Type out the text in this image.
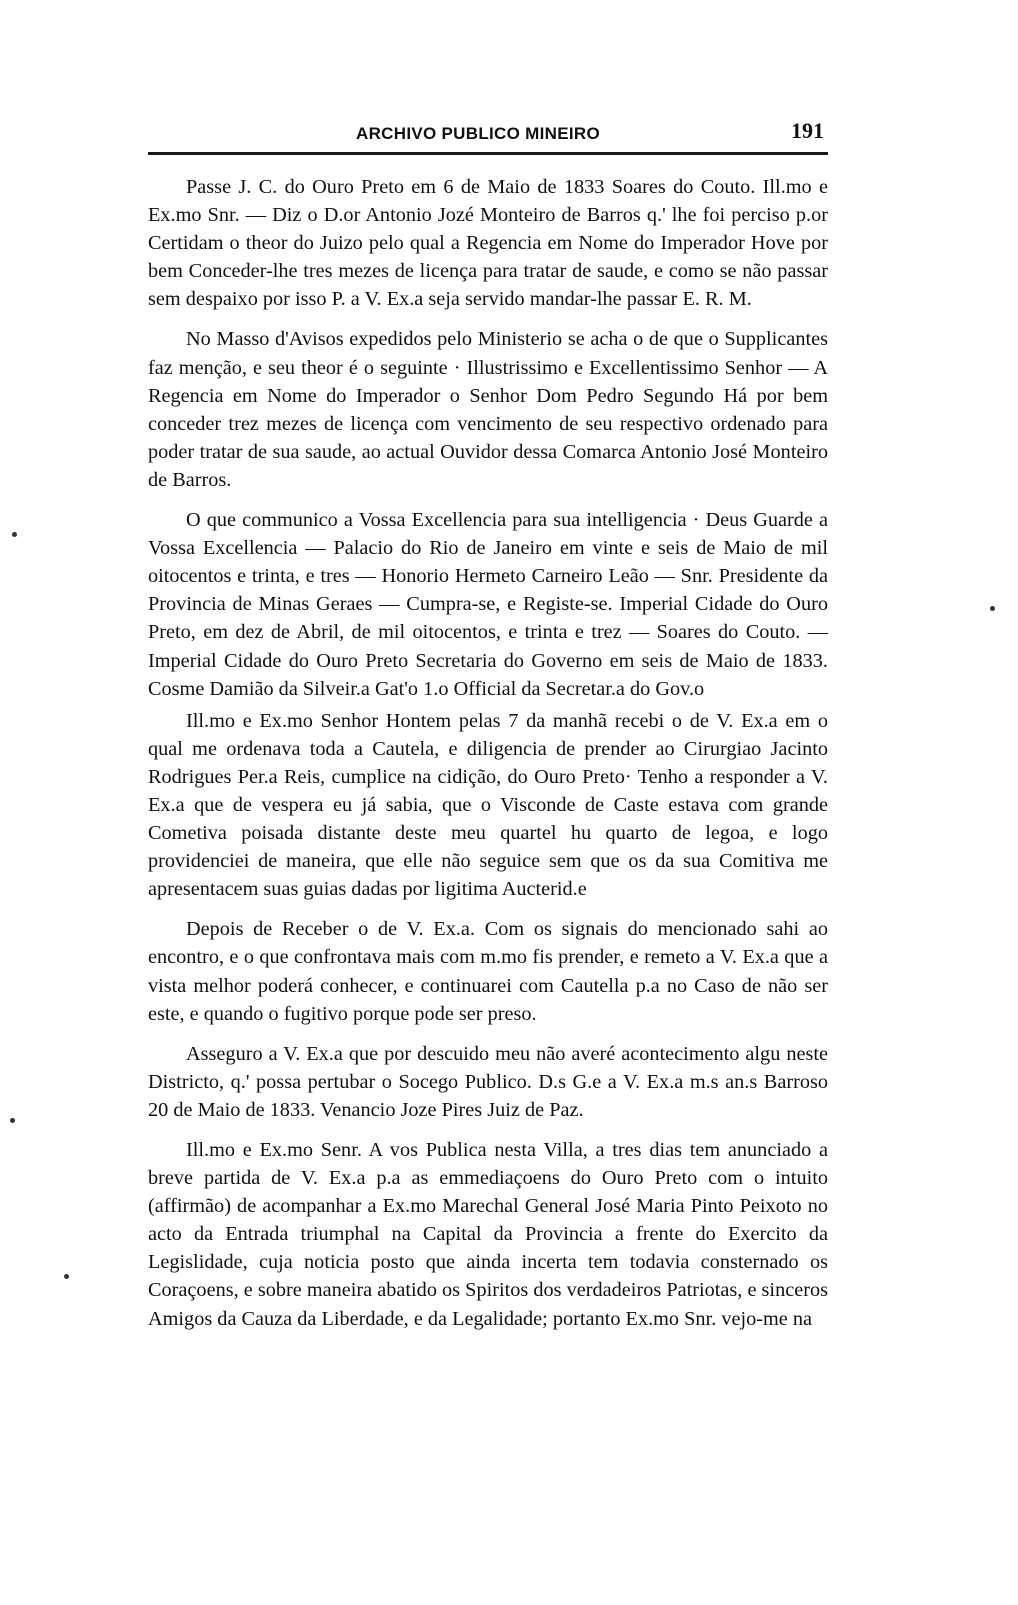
ARCHIVO PUBLICO MINEIRO	191

Passe J. C. do Ouro Preto em 6 de Maio de 1833 Soares do Couto. Ill.mo e Ex.mo Snr. — Diz o D.or Antonio Jozé Monteiro de Barros q.' lhe foi perciso p.or Certidam o theor do Juizo pelo qual a Regencia em Nome do Imperador Hove por bem Conceder-lhe tres mezes de licença para tratar de saude, e como se não passar sem despaixo por isso P. a V. Ex.a seja servido mandar-lhe passar E. R. M.

No Masso d'Avisos expedidos pelo Ministerio se acha o de que o Supplicantes faz menção, e seu theor é o seguinte · Illustrissimo e Excellentissimo Senhor — A Regencia em Nome do Imperador o Senhor Dom Pedro Segundo Há por bem conceder trez mezes de licença com vencimento de seu respectivo ordenado para poder tratar de sua saude, ao actual Ouvidor dessa Comarca Antonio José Monteiro de Barros.

O que communico a Vossa Excellencia para sua intelligencia · Deus Guarde a Vossa Excellencia — Palacio do Rio de Janeiro em vinte e seis de Maio de mil oitocentos e trinta, e tres — Honorio Hermeto Carneiro Leão — Snr. Presidente da Provincia de Minas Geraes — Cumpra-se, e Registe-se. Imperial Cidade do Ouro Preto, em dez de Abril, de mil oitocentos, e trinta e trez — Soares do Couto. — Imperial Cidade do Ouro Preto Secretaria do Governo em seis de Maio de 1833. Cosme Damião da Silveir.a Gat'o 1.o Official da Secretar.a do Gov.o

Ill.mo e Ex.mo Senhor Hontem pelas 7 da manhã recebi o de V. Ex.a em o qual me ordenava toda a Cautela, e diligencia de prender ao Cirurgiao Jacinto Rodrigues Per.a Reis, cumplice na cidição, do Ouro Preto· Tenho a responder a V. Ex.a que de vespera eu já sabia, que o Visconde de Caste estava com grande Cometiva poisada distante deste meu quartel hu quarto de legoa, e logo providenciei de maneira, que elle não seguice sem que os da sua Comitiva me apresentacem suas guias dadas por ligitima Aucterid.e

Depois de Receber o de V. Ex.a. Com os signais do mencionado sahi ao encontro, e o que confrontava mais com m.mo fis prender, e remeto a V. Ex.a que a vista melhor poderá conhecer, e continuarei com Cautella p.a no Caso de não ser este, e quando o fugitivo porque pode ser preso.

Asseguro a V. Ex.a que por descuido meu não averé acontecimento algu neste Districto, q.' possa pertubar o Socego Publico. D.s G.e a V. Ex.a m.s an.s Barroso 20 de Maio de 1833. Venancio Joze Pires Juiz de Paz.

Ill.mo e Ex.mo Senr. A vos Publica nesta Villa, a tres dias tem anunciado a breve partida de V. Ex.a p.a as emmediaçoens do Ouro Preto com o intuito (affirmão) de acompanhar a Ex.mo Marechal General José Maria Pinto Peixoto no acto da Entrada triumphal na Capital da Provincia a frente do Exercito da Legislidade, cuja noticia posto que ainda incerta tem todavia consternado os Coraçoens, e sobre maneira abatido os Spiritos dos verdadeiros Patriotas, e sinceros Amigos da Cauza da Liberdade, e da Legalidade; portanto Ex.mo Snr. vejo-me na
